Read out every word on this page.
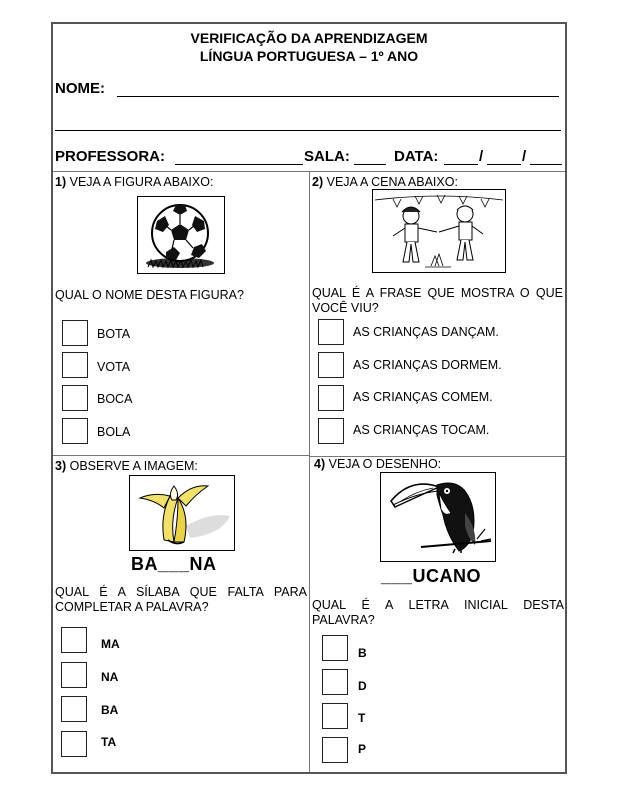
VERIFICAÇÃO DA APRENDIZAGEM
LÍNGUA PORTUGUESA – 1º ANO
NOME:
PROFESSORA:	SALA:	DATA:	/	/
1) VEJA A FIGURA ABAIXO:
QUAL O NOME DESTA FIGURA?
BOTA
VOTA
BOCA
BOLA
2) VEJA A CENA ABAIXO:
QUAL É A FRASE QUE MOSTRA O QUE VOCÊ VIU?
AS CRIANÇAS DANÇAM.
AS CRIANÇAS DORMEM.
AS CRIANÇAS COMEM.
AS CRIANÇAS TOCAM.
3) OBSERVE A IMAGEM:
BA___NA
QUAL É A SÍLABA QUE FALTA PARA COMPLETAR A PALAVRA?
MA
NA
BA
TA
4) VEJA O DESENHO:
___UCANO
QUAL É A LETRA INICIAL DESTA PALAVRA?
B
D
T
P
